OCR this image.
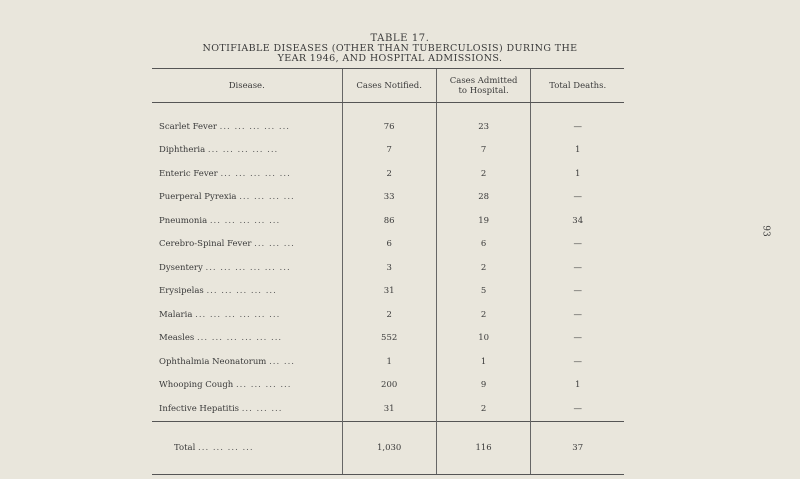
TABLE 17.
NOTIFIABLE DISEASES (OTHER THAN TUBERCULOSIS) DURING THE
YEAR 1946, AND HOSPITAL ADMISSIONS.
Disease.	Cases Notified.	Cases Admitted
to Hospital.	Total Deaths.
Scarlet Fever ... ... ... ... ...	76	23	—
Diphtheria ... ... ... ... ...	7	7	1
Enteric Fever ... ... ... ... ...	2	2	1
Puerperal Pyrexia ... ... ... ...	33	28	—
Pneumonia ... ... ... ... ...	86	19	34
Cerebro-Spinal Fever ... ... ...	6	6	—
Dysentery ... ... ... ... ... ...	3	2	—
Erysipelas ... ... ... ... ...	31	5	—
Malaria ... ... ... ... ... ...	2	2	—
Measles ... ... ... ... ... ...	552	10	—
Ophthalmia Neonatorum ... ...	1	1	—
Whooping Cough ... ... ... ...	200	9	1
Infective Hepatitis ... ... ...	31	2	—
Total ... ... ... ...	1,030	116	37
93
